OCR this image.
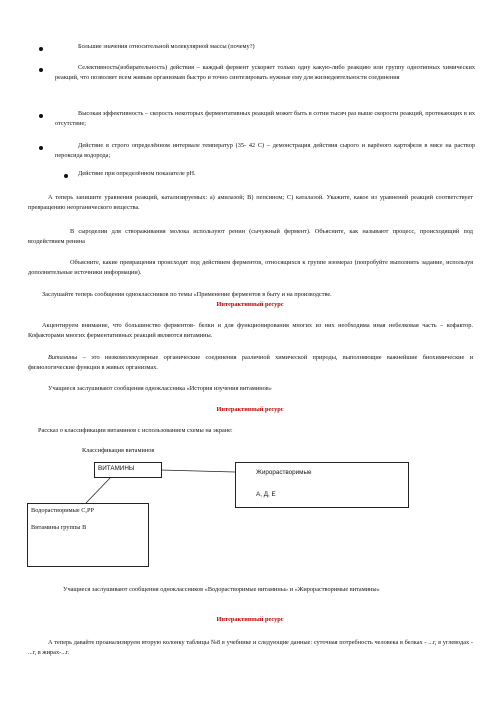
Большие значения относительной молекулярной массы (почему?)
Селективность(избирательность) действия – каждый фермент ускоряет только одну какую-либо реакцию или группу однотипных химических реакций, что позволяет всем живым организмам быстро и точно синтезировать нужные ему для жизнедеятельности соединения
Высокая эффективность – скорость некоторых ферментативных реакций может быть в сотни тысяч раз выше скорости реакций, протекающих в их отсутствие;
Действие в строго определённом интервале температур (35- 42 С) – демонстрация действия сырого и варёного картофеля в мясе на раствор пероксида водорода;
Действие при определённом показателе рН.
А теперь запишите уравнения реакций, катализируемых: а) амилазой; В) пепсином; С) каталазой. Укажите, какое из уравнений реакций соответствует превращению неорганического вещества.
В сыроделии для створаживания молока используют ренин (сычужный фермент). Объясните, как называют процесс, происходящий под воздействием ренина
Объясните, какие превращения происходят под действием ферментов, относящихся к группе изомераз (попробуйте выполнить задание, используя дополнительные источники информации).
Заслушайте теперь сообщения одноклассников по темы «Применение ферментов в быту и на производстве.
Интерактивный ресурс
Акцентируем внимание, что большинство ферментов- белки и для функционирования многих из них необходима иная небелковая часть – кофактор. Кофакторами многих ферментативных реакций являются витамины.
Витамины – это низкомолекулярные органические соединения различной химической природы, выполняющие важнейшие биохимические и физиологические функции в живых организмах.
Учащиеся заслушивают сообщения одноклассника «История изучения витаминов»
Интерактивный ресурс
Рассказ о классификации витаминов с использованием схемы на экране:
Классификация витаминов
ВИТАМИНЫ
Жирорастворимые
А, Д, Е
Водорастворимые С,РР
Витамины группы В
Учащиеся заслушивают сообщения одноклассников «Водорастворимые витамины» и «Жирорастворимые витамины»
Интерактивный ресурс
А теперь давайте проанализируем вторую колонку таблицы №8 в учебнике и следующие данные: суточная потребность человека в белках - ...г, в углеводах - ...г, в жирах-...г.
